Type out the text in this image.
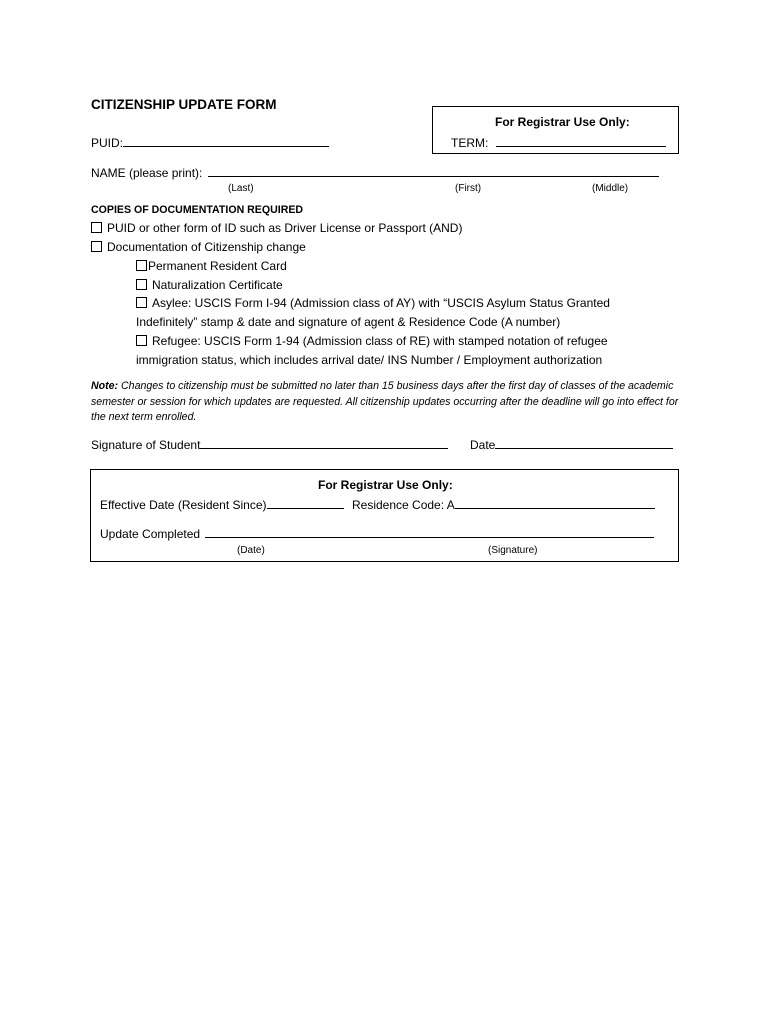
CITIZENSHIP UPDATE FORM
For Registrar Use Only:
TERM:
PUID:
NAME (please print):
(Last)	(First)	(Middle)
COPIES OF DOCUMENTATION REQUIRED
PUID or other form of ID such as Driver License or Passport (AND)
Documentation of Citizenship change
Permanent Resident Card
Naturalization Certificate
Asylee: USCIS Form I-94 (Admission class of AY) with “USCIS Asylum Status Granted
Indefinitely” stamp & date and signature of agent & Residence Code (A number)
Refugee: USCIS Form 1-94 (Admission class of RE) with stamped notation of refugee
immigration status, which includes arrival date/ INS Number / Employment authorization
Note: Changes to citizenship must be submitted no later than 15 business days after the first day of classes of the academic semester or session for which updates are requested. All citizenship updates occurring after the deadline will go into effect for the next term enrolled.
Signature of Student	Date
For Registrar Use Only:
Effective Date (Resident Since)	Residence Code: A
Update Completed
(Date)	(Signature)
